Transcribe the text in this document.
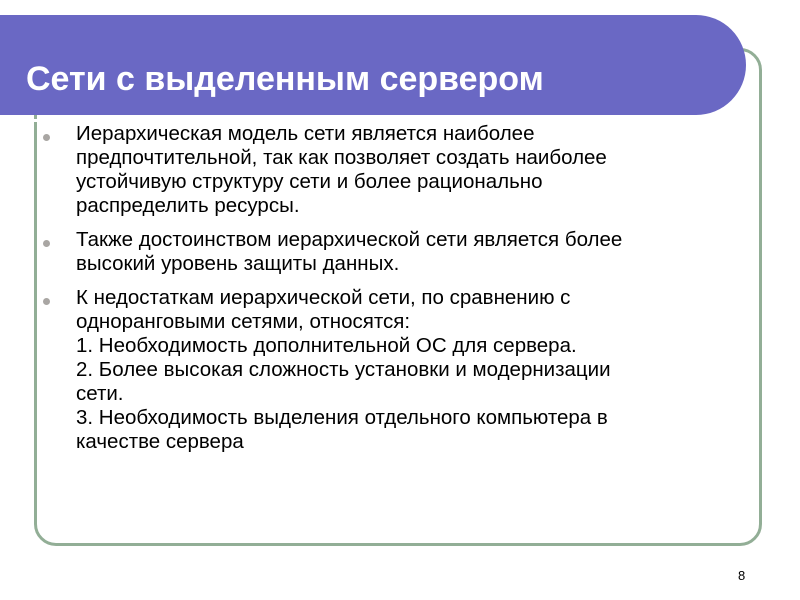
Сети с выделенным сервером
Иерархическая модель сети является наиболее
предпочтительной, так как позволяет создать наиболее
устойчивую структуру сети и более рационально
распределить ресурсы.
Также достоинством иерархической сети является более
высокий уровень защиты данных.
К недостаткам иерархической сети, по сравнению с
одноранговыми сетями, относятся:
1. Необходимость дополнительной ОС для сервера.
2. Более высокая сложность установки и модернизации
сети.
3. Необходимость выделения отдельного компьютера в
качестве сервера
8
